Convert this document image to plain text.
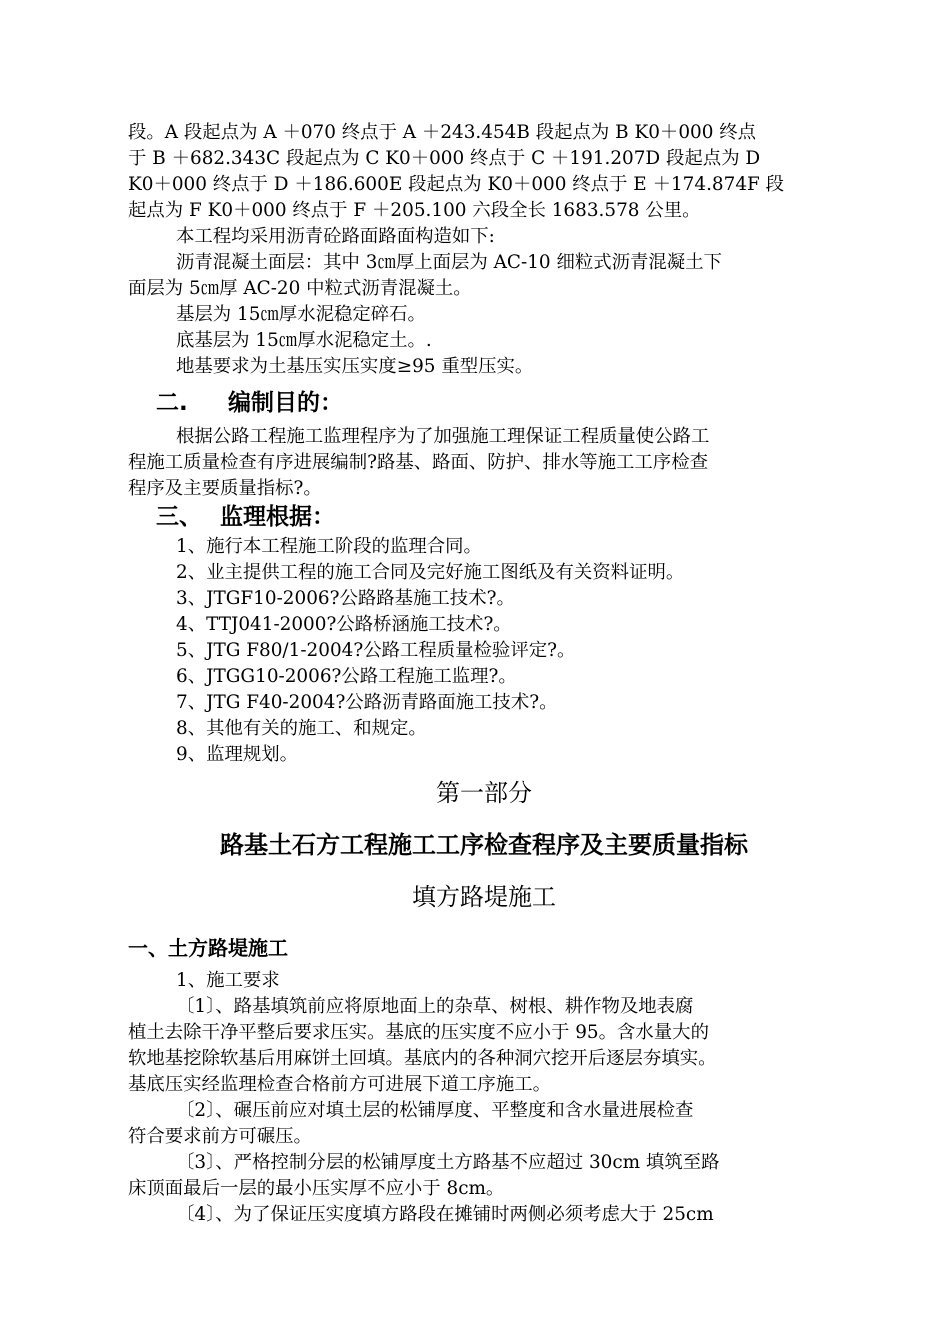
段。A 段起点为 A ＋070 终点于 A ＋243.454B 段起点为 B K0＋000 终点

于 B ＋682.343C 段起点为 C K0＋000 终点于 C ＋191.207D 段起点为 D

K0＋000 终点于 D ＋186.600E 段起点为 K0＋000 终点于 E ＋174.874F 段

起点为 F K0＋000 终点于 F ＋205.100 六段全长 1683.578 公里。

本工程均采用沥青砼路面路面构造如下:

沥青混凝土面层：其中 3㎝厚上面层为 AC-10 细粒式沥青混凝土下

面层为 5㎝厚 AC-20 中粒式沥青混凝土。

基层为 15㎝厚水泥稳定碎石。

底基层为 15㎝厚水泥稳定土。.

地基要求为土基压实压实度≥95 重型压实。

二. 编制目的：

根据公路工程施工监理程序为了加强施工理保证工程质量使公路工

程施工质量检查有序进展编制?路基、路面、防护、排水等施工工序检查

程序及主要质量指标?。

三、 监理根据：

1、施行本工程施工阶段的监理合同。

2、业主提供工程的施工合同及完好施工图纸及有关资料证明。

3、JTGF10-2006?公路路基施工技术?。

4、TTJ041-2000?公路桥涵施工技术?。

5、JTG F80/1-2004?公路工程质量检验评定?。

6、JTGG10-2006?公路工程施工监理?。

7、JTG F40-2004?公路沥青路面施工技术?。

8、其他有关的施工、和规定。

9、监理规划。

第一部分

路基土石方工程施工工序检查程序及主要质量指标

填方路堤施工

一、土方路堤施工

1、施工要求

〔1〕、路基填筑前应将原地面上的杂草、树根、耕作物及地表腐

植土去除干净平整后要求压实。基底的压实度不应小于 95。含水量大的

软地基挖除软基后用麻饼土回填。基底内的各种洞穴挖开后逐层夯填实。

基底压实经监理检查合格前方可进展下道工序施工。

〔2〕、碾压前应对填土层的松铺厚度、平整度和含水量进展检查

符合要求前方可碾压。

〔3〕、严格控制分层的松铺厚度土方路基不应超过 30cm 填筑至路

床顶面最后一层的最小压实厚不应小于 8cm。

〔4〕、为了保证压实度填方路段在摊铺时两侧必须考虑大于 25cm
